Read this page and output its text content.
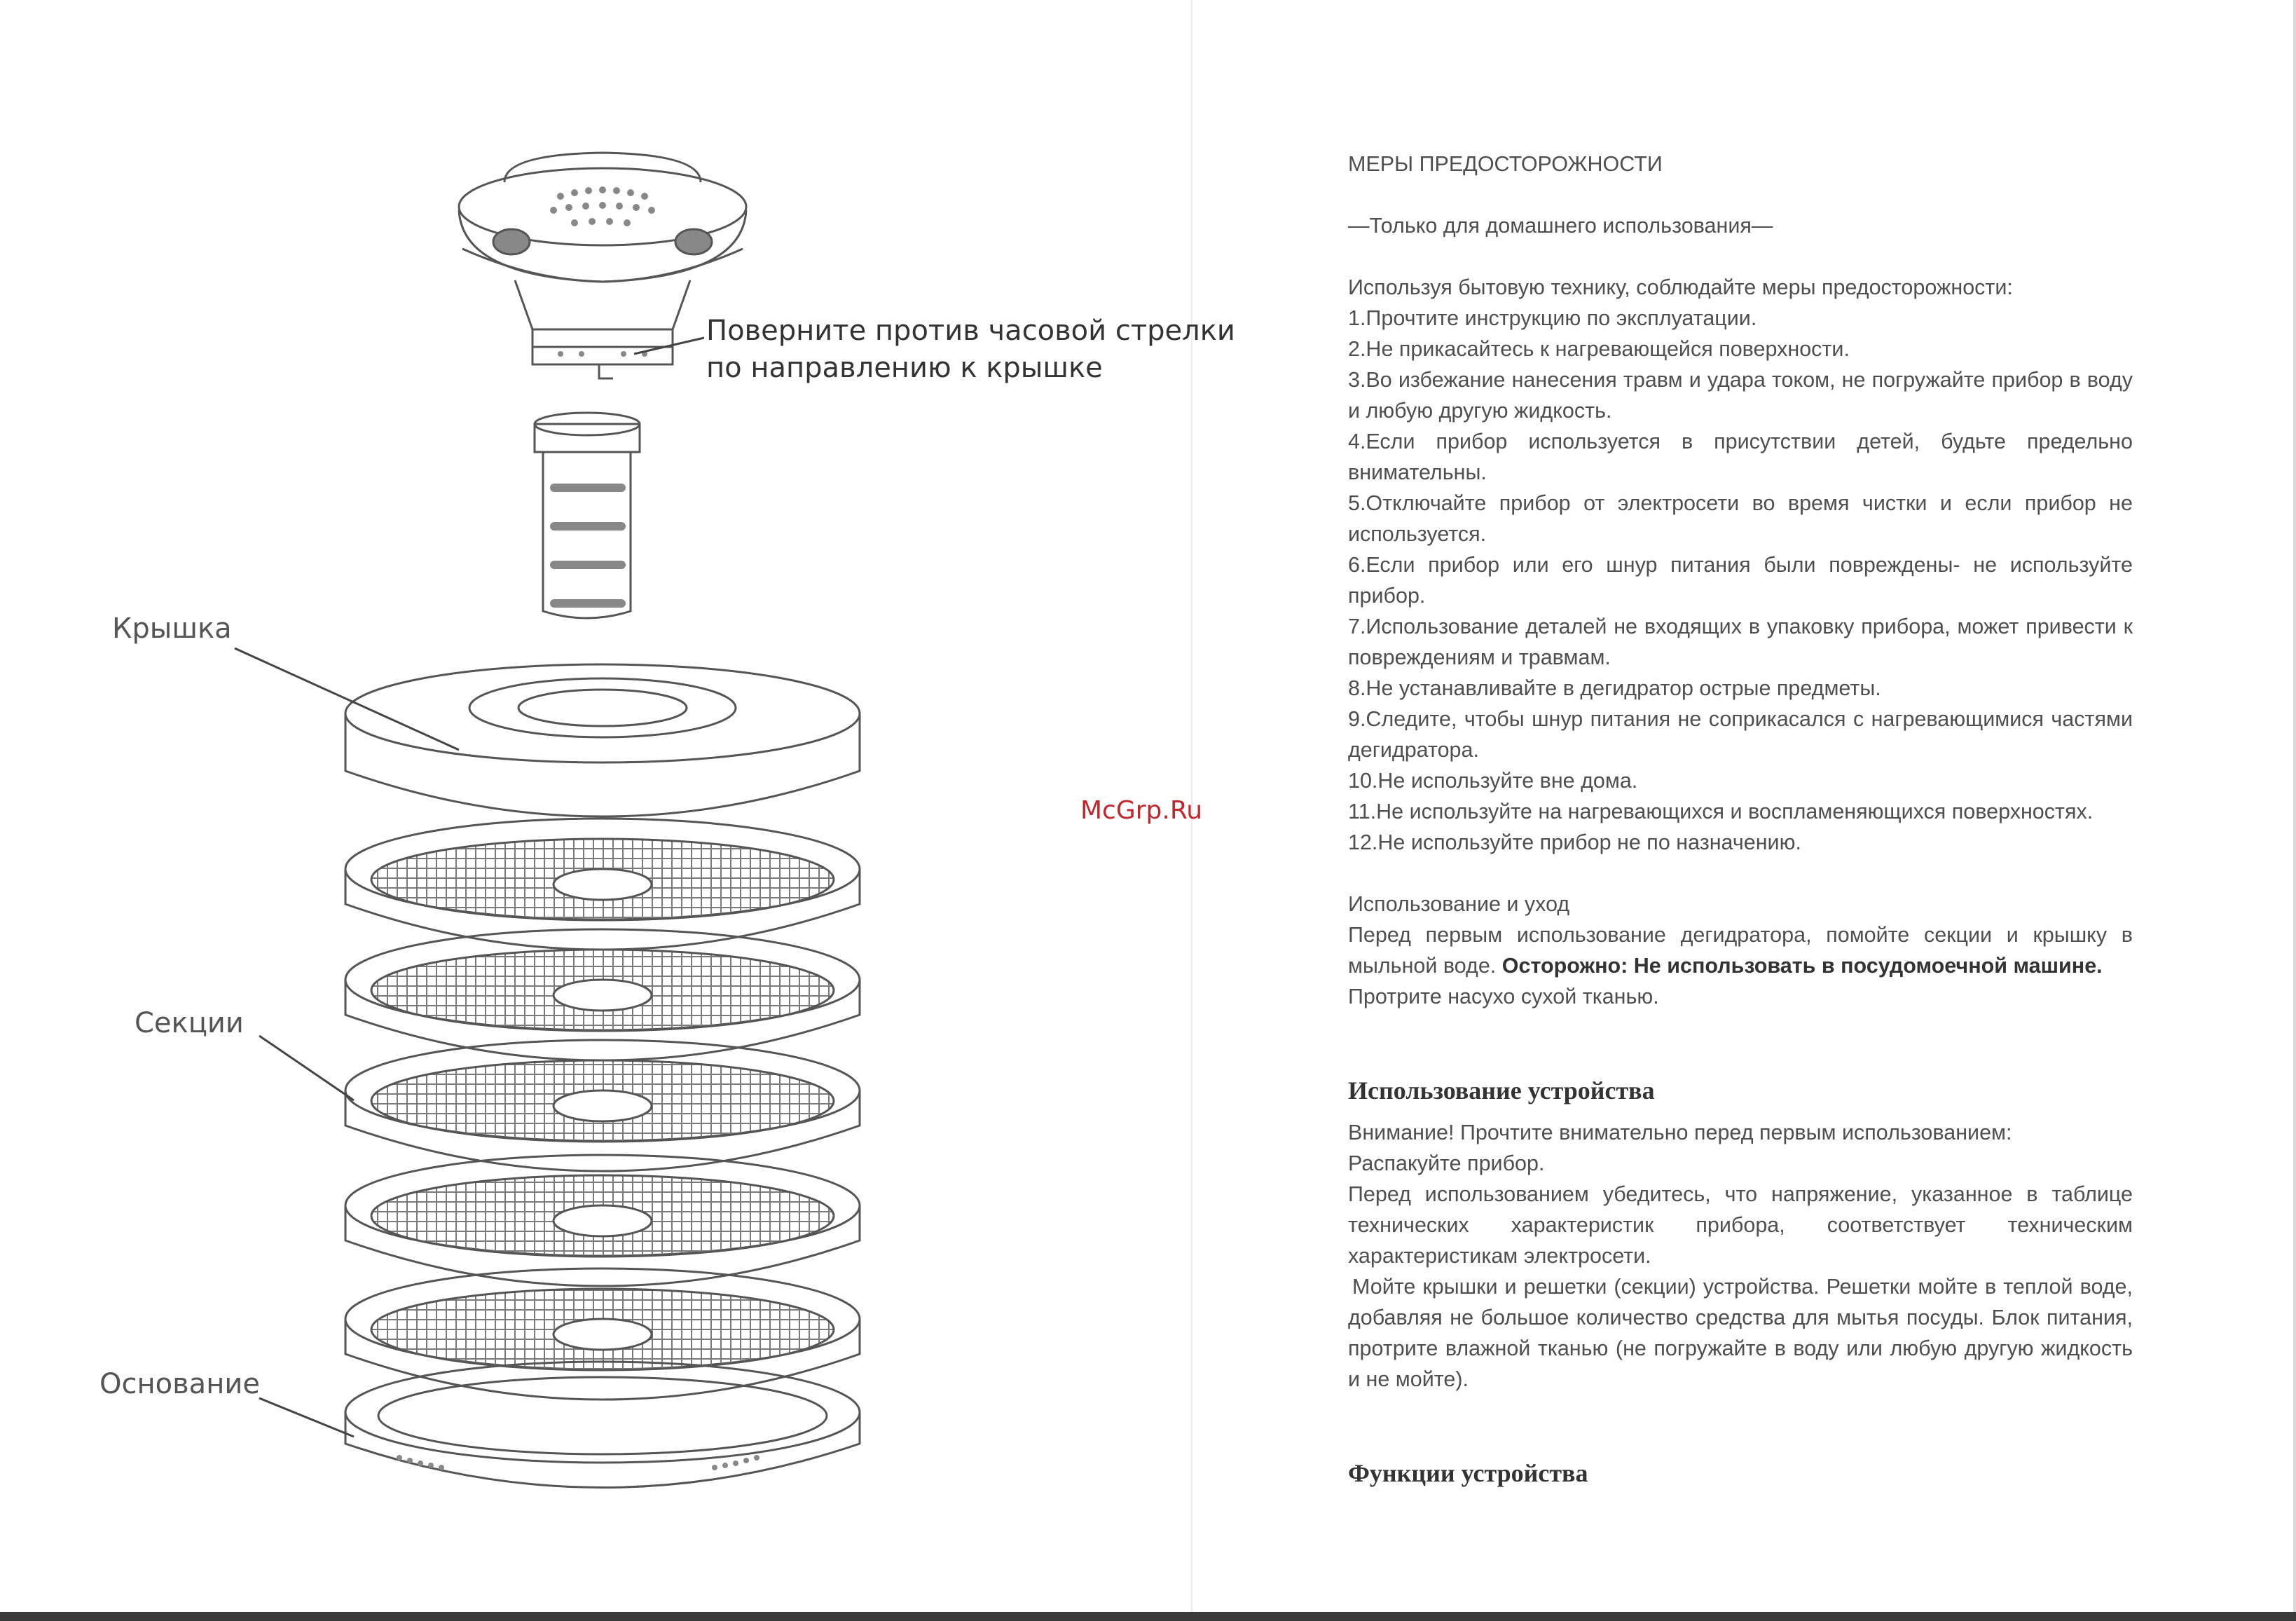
Поверните против часовой стрелки
по направлению к крышке
Крышка
Секции
Основание
McGrp.Ru

МЕРЫ ПРЕДОСТОРОЖНОСТИ

—Только для домашнего использования—

Используя бытовую технику, соблюдайте меры предосторожности:

1.Прочтите инструкцию по эксплуатации.

2.Не прикасайтесь к нагревающейся поверхности.

3.Во избежание нанесения травм и удара током, не погружайте прибор в воду и любую другую жидкость.

4.Если прибор используется в присутствии детей, будьте предельно внимательны.

5.Отключайте прибор от электросети во время чистки и если прибор не используется.

6.Если прибор или его шнур питания были повреждены- не используйте прибор.

7.Использование деталей не входящих в упаковку прибора, может привести к повреждениям и травмам.

8.Не устанавливайте в дегидратор острые предметы.

9.Следите, чтобы шнур питания не соприкасался с нагревающимися частями дегидратора.

10.Не используйте вне дома.

11.Не используйте на нагревающихся и воспламеняющихся поверхностях.

12.Не используйте прибор не по назначению.

Использование и уход

Перед первым использование дегидратора, помойте секции и крышку в мыльной воде. Осторожно: Не использовать в посудомоечной машине.

Протрите насухо сухой тканью.

Использование устройства

Внимание! Прочтите внимательно перед первым использованием:

Распакуйте прибор.

Перед использованием убедитесь, что напряжение, указанное в таблице технических характеристик прибора, соответствует техническим характеристикам электросети.

Мойте крышки и решетки (секции) устройства. Решетки мойте в теплой воде, добавляя не большое количество средства для мытья посуды. Блок питания, протрите влажной тканью (не погружайте в воду или любую другую жидкость и не мойте).

Функции устройства
